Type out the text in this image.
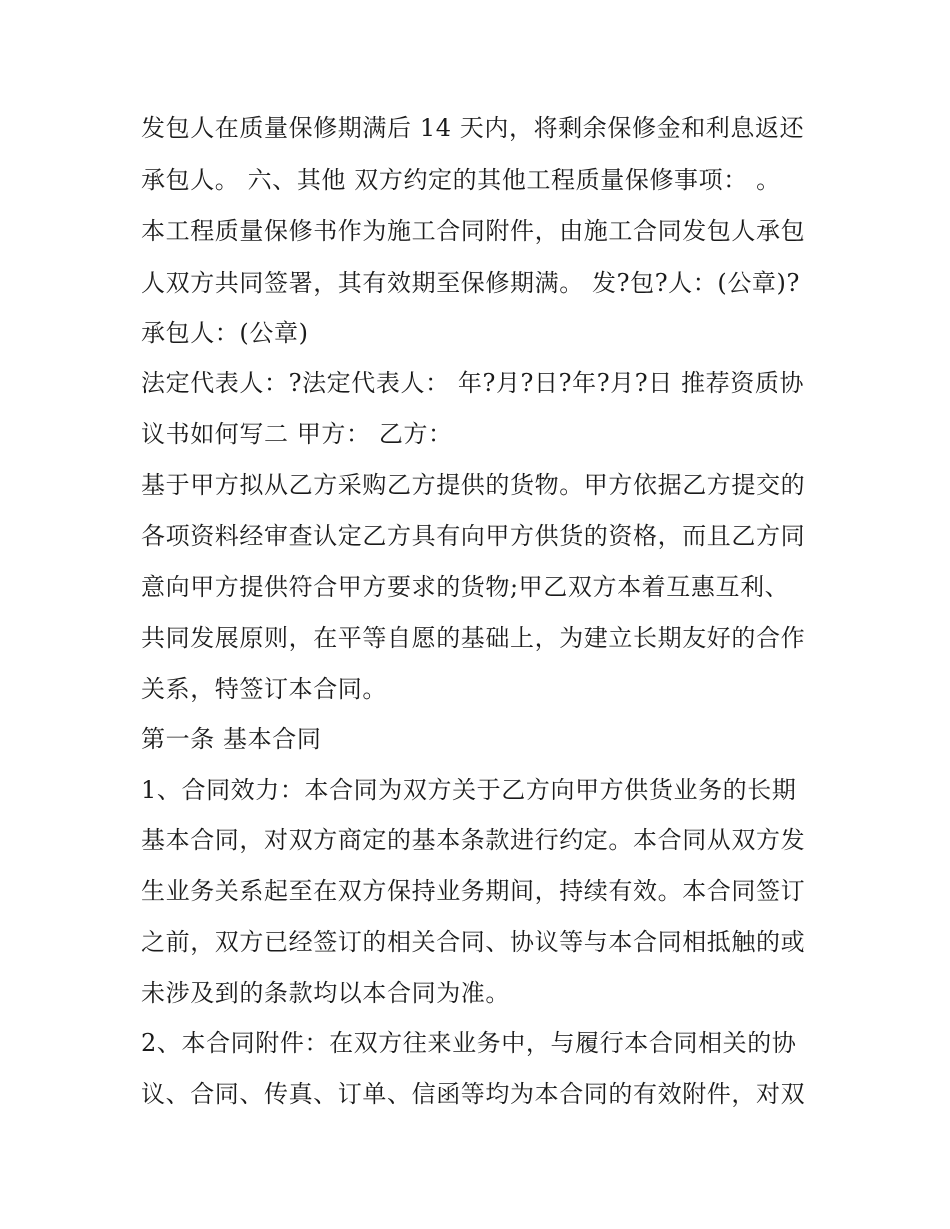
发包人在质量保修期满后 14 天内，将剩余保修金和利息返还
承包人。 六、其他 双方约定的其他工程质量保修事项： 。
本工程质量保修书作为施工合同附件，由施工合同发包人承包
人双方共同签署，其有效期至保修期满。 发?包?人：(公章)?
承包人：(公章)
法定代表人：?法定代表人： 年?月?日?年?月?日 推荐资质协
议书如何写二 甲方： 乙方：
基于甲方拟从乙方采购乙方提供的货物。甲方依据乙方提交的
各项资料经审查认定乙方具有向甲方供货的资格，而且乙方同
意向甲方提供符合甲方要求的货物;甲乙双方本着互惠互利、
共同发展原则，在平等自愿的基础上，为建立长期友好的合作
关系，特签订本合同。
第一条 基本合同
1、合同效力：本合同为双方关于乙方向甲方供货业务的长期
基本合同，对双方商定的基本条款进行约定。本合同从双方发
生业务关系起至在双方保持业务期间，持续有效。本合同签订
之前，双方已经签订的相关合同、协议等与本合同相抵触的或
未涉及到的条款均以本合同为准。
2、本合同附件：在双方往来业务中，与履行本合同相关的协
议、合同、传真、订单、信函等均为本合同的有效附件，对双
